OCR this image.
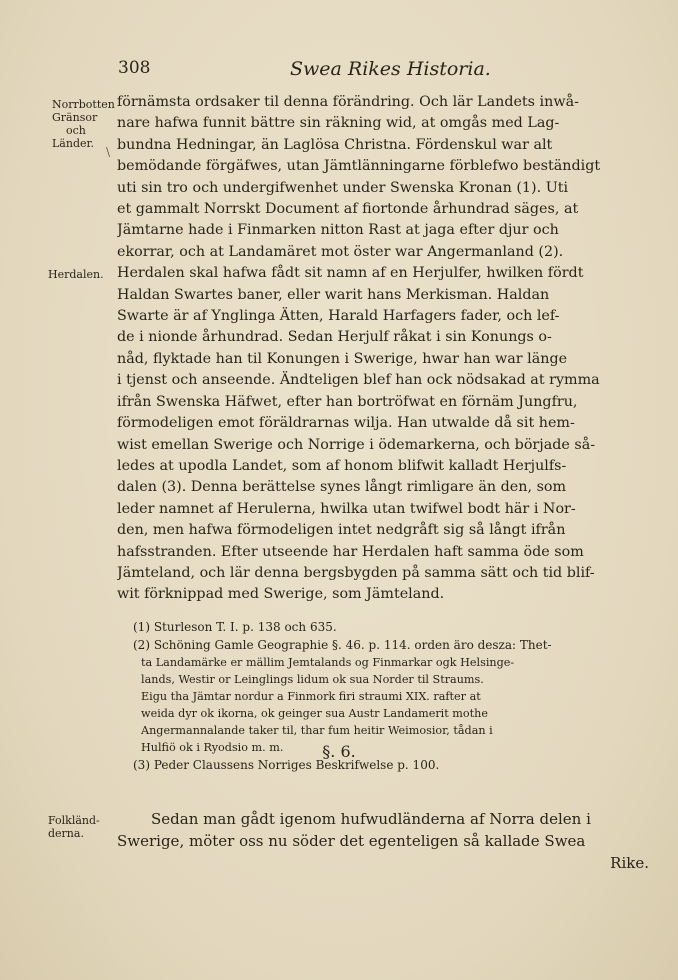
308	Swea Rikes Historia.
Norrbotten
Gränsor
och
Länder.
\
Herdalen.
Folkländ-
derna.
förnämsta ordsaker til denna förändring. Och lär Landets inwå-
nare hafwa funnit bättre sin räkning wid, at omgås med Lag-
bundna Hedningar, än Laglösa Christna. Fördenskul war alt
bemödande förgäfwes, utan Jämtlänningarne förblefwo beständigt
uti sin tro och undergifwenhet under Swenska Kronan (1). Uti
et gammalt Norrskt Document af fiortonde århundrad säges, at
Jämtarne hade i Finmarken nitton Rast at jaga efter djur och
ekorrar, och at Landamäret mot öster war Angermanland (2).
Herdalen skal hafwa fådt sit namn af en Herjulfer, hwilken fördt
Haldan Swartes baner, eller warit hans Merkisman. Haldan
Swarte är af Ynglinga Ätten, Harald Harfagers fader, och lef-
de i nionde århundrad. Sedan Herjulf råkat i sin Konungs o-
nåd, flyktade han til Konungen i Swerige, hwar han war länge
i tjenst och anseende. Ändteligen blef han ock nödsakad at rymma
ifrån Swenska Häfwet, efter han bortröfwat en förnäm Jungfru,
förmodeligen emot föräldrarnas wilja. Han utwalde då sit hem-
wist emellan Swerige och Norrige i ödemarkerna, och började så-
ledes at upodla Landet, som af honom blifwit kalladt Herjulfs-
dalen (3). Denna berättelse synes långt rimligare än den, som
leder namnet af Herulerna, hwilka utan twifwel bodt här i Nor-
den, men hafwa förmodeligen intet nedgråft sig så långt ifrån
hafsstranden. Efter utseende har Herdalen haft samma öde som
Jämteland, och lär denna bergsbygden på samma sätt och tid blif-
wit förknippad med Swerige, som Jämteland.
(1) Sturleson T. I. p. 138 och 635.
(2) Schöning Gamle Geographie §. 46. p. 114. orden äro desza: Thet-
ta Landamärke er mällim Jemtalands og Finmarkar ogk Helsinge-
lands, Westir or Leinglings lidum ok sua Norder til Straums.
Eigu tha Jämtar nordur a Finmork firi straumi XIX. rafter at
weida dyr ok ikorna, ok geinger sua Austr Landamerit mothe
Angermannalande taker til, thar fum heitir Weimosior, tådan i
Hulfiö ok i Ryodsio m. m.
(3) Peder Claussens Norriges Beskrifwelse p. 100.
§. 6.
Sedan man gådt igenom hufwudländerna af Norra delen i
Swerige, möter oss nu söder det egenteligen så kallade Swea
Rike.
